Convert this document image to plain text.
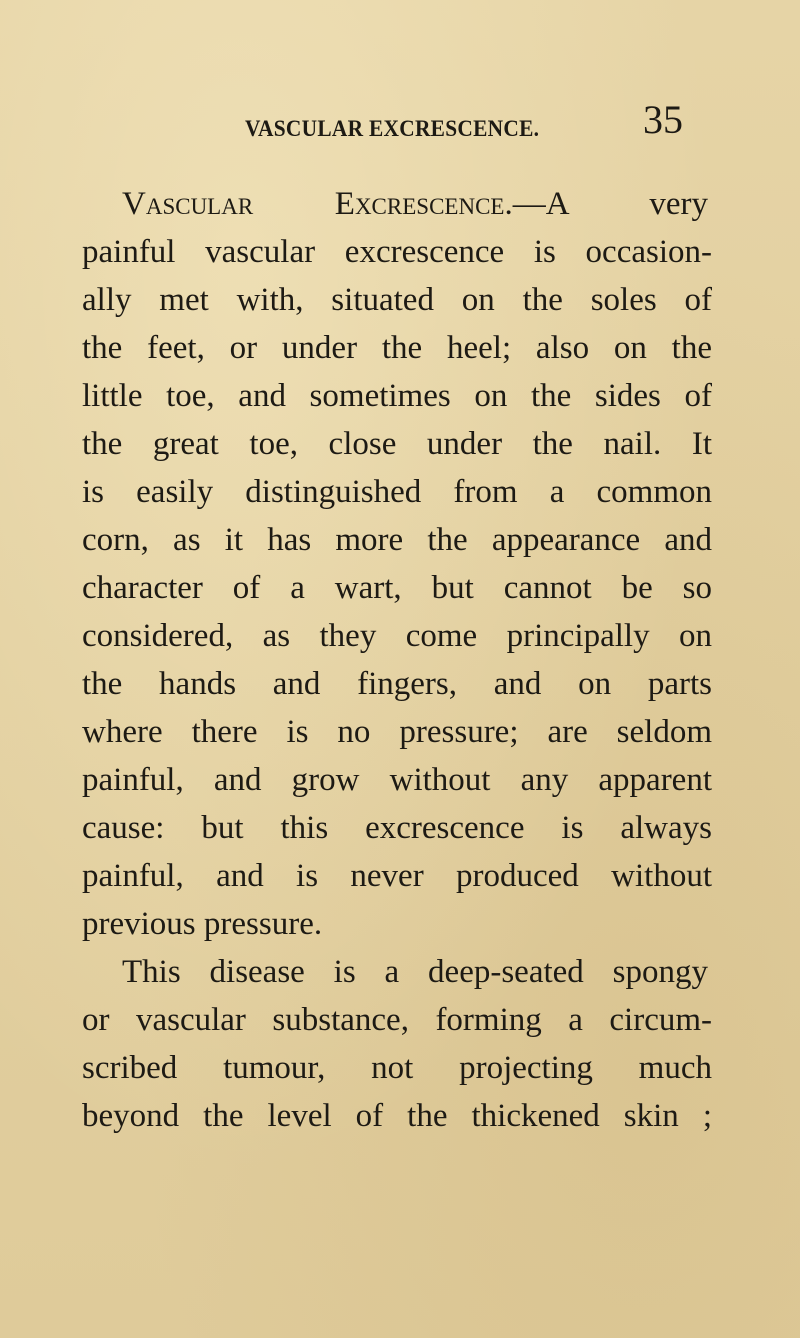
VASCULAR EXCRESCENCE.	35
Vascular Excrescence.—A very
painful vascular excrescence is occasion-
ally met with, situated on the soles of
the feet, or under the heel; also on the
little toe, and sometimes on the sides of
the great toe, close under the nail. It
is easily distinguished from a common
corn, as it has more the appearance and
character of a wart, but cannot be so
considered, as they come principally on
the hands and fingers, and on parts
where there is no pressure; are seldom
painful, and grow without any apparent
cause: but this excrescence is always
painful, and is never produced without
previous pressure.
This disease is a deep-seated spongy
or vascular substance, forming a circum-
scribed tumour, not projecting much
beyond the level of the thickened skin ;
